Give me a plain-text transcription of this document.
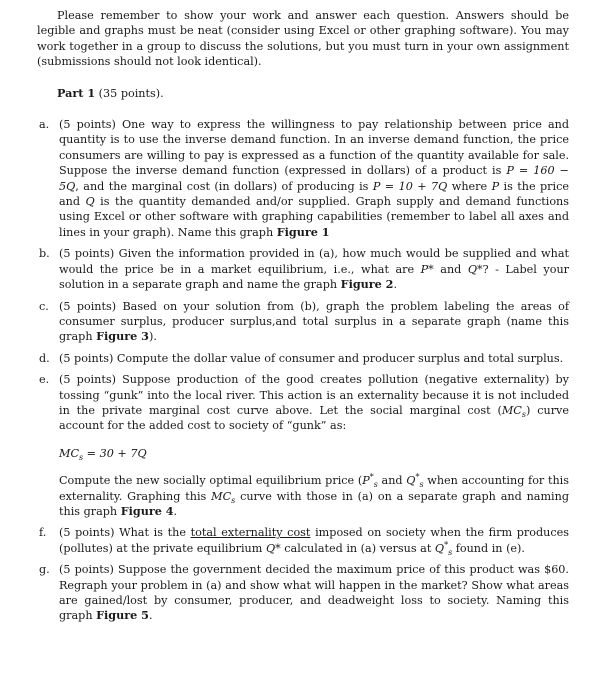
Please remember to show your work and answer each question. Answers should be legible and graphs must be neat (consider using Excel or other graphing software). You may work together in a group to discuss the solutions, but you must turn in your own assignment (submissions should not look identical).

Part 1 (35 points).

a. (5 points) One way to express the willingness to pay relationship between price and quantity is to use the inverse demand function. In an inverse demand function, the price consumers are willing to pay is expressed as a function of the quantity available for sale. Suppose the inverse demand function (expressed in dollars) of a product is P = 160 − 5Q, and the marginal cost (in dollars) of producing is P = 10 + 7Q where P is the price and Q is the quantity demanded and/or supplied. Graph supply and demand functions using Excel or other software with graphing capabilities (remember to label all axes and lines in your graph). Name this graph Figure 1
b. (5 points) Given the information provided in (a), how much would be supplied and what would the price be in a market equilibrium, i.e., what are P* and Q*? - Label your solution in a separate graph and name the graph Figure 2.
c. (5 points) Based on your solution from (b), graph the problem labeling the areas of consumer surplus, producer surplus,and total surplus in a separate graph (name this graph Figure 3).
d. (5 points) Compute the dollar value of consumer and producer surplus and total surplus.
e. (5 points) Suppose production of the good creates pollution (negative externality) by tossing “gunk” into the local river. This action is an externality because it is not included in the private marginal cost curve above. Let the social marginal cost $(MC_s)$ curve account for the added cost to society of “gunk” as:
$MC_s = 30 + 7Q$
Compute the new socially optimal equilibrium price ($P^*_s$ and $Q^*_s$ when accounting for this externality. Graphing this $MC_s$ curve with those in (a) on a separate graph and naming this graph Figure 4.
f. (5 points) What is the total externality cost imposed on society when the firm produces (pollutes) at the private equilibrium Q* calculated in (a) versus at $Q^*_s$ found in (e).
g. (5 points) Suppose the government decided the maximum price of this product was $60. Regraph your problem in (a) and show what will happen in the market? Show what areas are gained/lost by consumer, producer, and deadweight loss to society. Naming this graph Figure 5.
